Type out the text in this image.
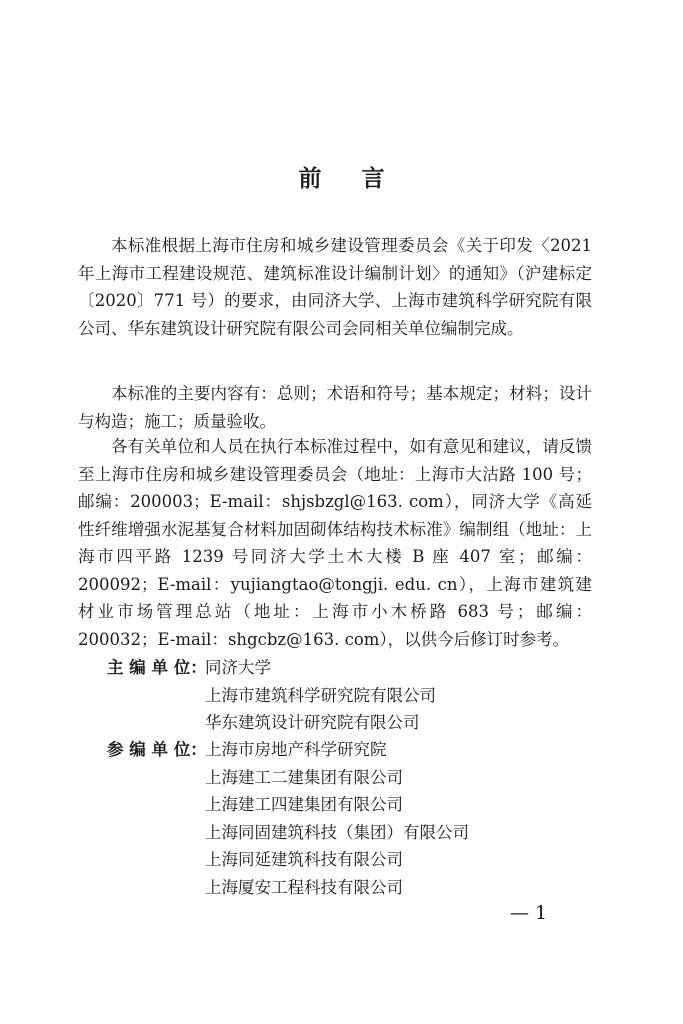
前 言
本标准根据上海市住房和城乡建设管理委员会《关于印发〈2021 年上海市工程建设规范、建筑标准设计编制计划〉的通知》（沪建标定〔2020〕771 号）的要求，由同济大学、上海市建筑科学研究院有限公司、华东建筑设计研究院有限公司会同相关单位编制完成。
本标准的主要内容有：总则；术语和符号；基本规定；材料；设计与构造；施工；质量验收。
各有关单位和人员在执行本标准过程中，如有意见和建议，请反馈至上海市住房和城乡建设管理委员会（地址：上海市大沽路 100 号；邮编：200003；E-mail：shjsbzgl@163. com），同济大学《高延性纤维增强水泥基复合材料加固砌体结构技术标准》编制组（地址：上海市四平路 1239 号同济大学土木大楼 B 座 407 室；邮编：200092；E-mail：yujiangtao@tongji. edu. cn），上海市建筑建材业市场管理总站（地址：上海市小木桥路 683 号；邮编：200032；E-mail：shgcbz@163. com），以供今后修订时参考。
主 编 单 位：同济大学
上海市建筑科学研究院有限公司
华东建筑设计研究院有限公司
参 编 单 位：上海市房地产科学研究院
上海建工二建集团有限公司
上海建工四建集团有限公司
上海同固建筑科技（集团）有限公司
上海同延建筑科技有限公司
上海厦安工程科技有限公司
— 1
